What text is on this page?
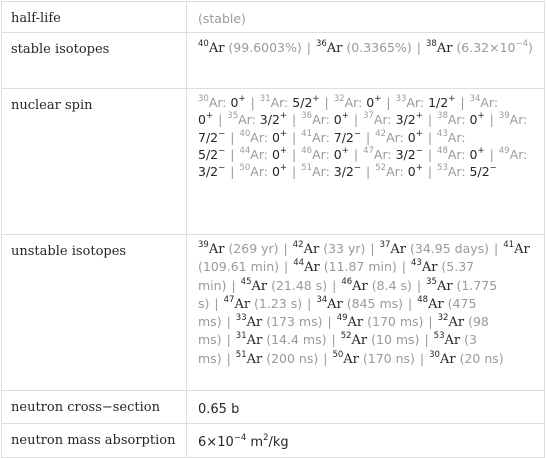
half-life	(stable)
stable isotopes	$^{40}$Ar (99.6003%) | $^{36}$Ar (0.3365%) | $^{38}$Ar $(6.32\times 10^{-4})$
nuclear spin	$^{30}$Ar: 0+ | $^{31}$Ar: 5/2+ | $^{32}$Ar: 0+ | $^{33}$Ar: 1/2+ | $^{34}$Ar: 0+ | $^{35}$Ar: 3/2+ | $^{36}$Ar: 0+ | $^{37}$Ar: 3/2+ | $^{38}$Ar: 0+ | $^{39}$Ar: 7/2− | $^{40}$Ar: 0+ | $^{41}$Ar: 7/2− | $^{42}$Ar: 0+ | $^{43}$Ar: 5/2− | $^{44}$Ar: 0+ | $^{46}$Ar: 0+ | $^{47}$Ar: 3/2− | $^{48}$Ar: 0+ | $^{49}$Ar: 3/2− | $^{50}$Ar: 0+ | $^{51}$Ar: 3/2− | $^{52}$Ar: 0+ | $^{53}$Ar: 5/2−
unstable isotopes	$^{39}$Ar (269 yr) | $^{42}$Ar (33 yr) | $^{37}$Ar (34.95 days) | $^{41}$Ar (109.61 min) | $^{44}$Ar (11.87 min) | $^{43}$Ar (5.37 min) | $^{45}$Ar (21.48 s) | $^{46}$Ar (8.4 s) | $^{35}$Ar (1.775 s) | $^{47}$Ar (1.23 s) | $^{34}$Ar (845 ms) | $^{48}$Ar (475 ms) | $^{33}$Ar (173 ms) | $^{49}$Ar (170 ms) | $^{32}$Ar (98 ms) | $^{31}$Ar (14.4 ms) | $^{52}$Ar (10 ms) | $^{53}$Ar (3 ms) | $^{51}$Ar (200 ns) | $^{50}$Ar (170 ns) | $^{30}$Ar (20 ns)
neutron cross−section	0.65 b
neutron mass absorption	$6\times 10^{-4}$ $m^2/kg$
